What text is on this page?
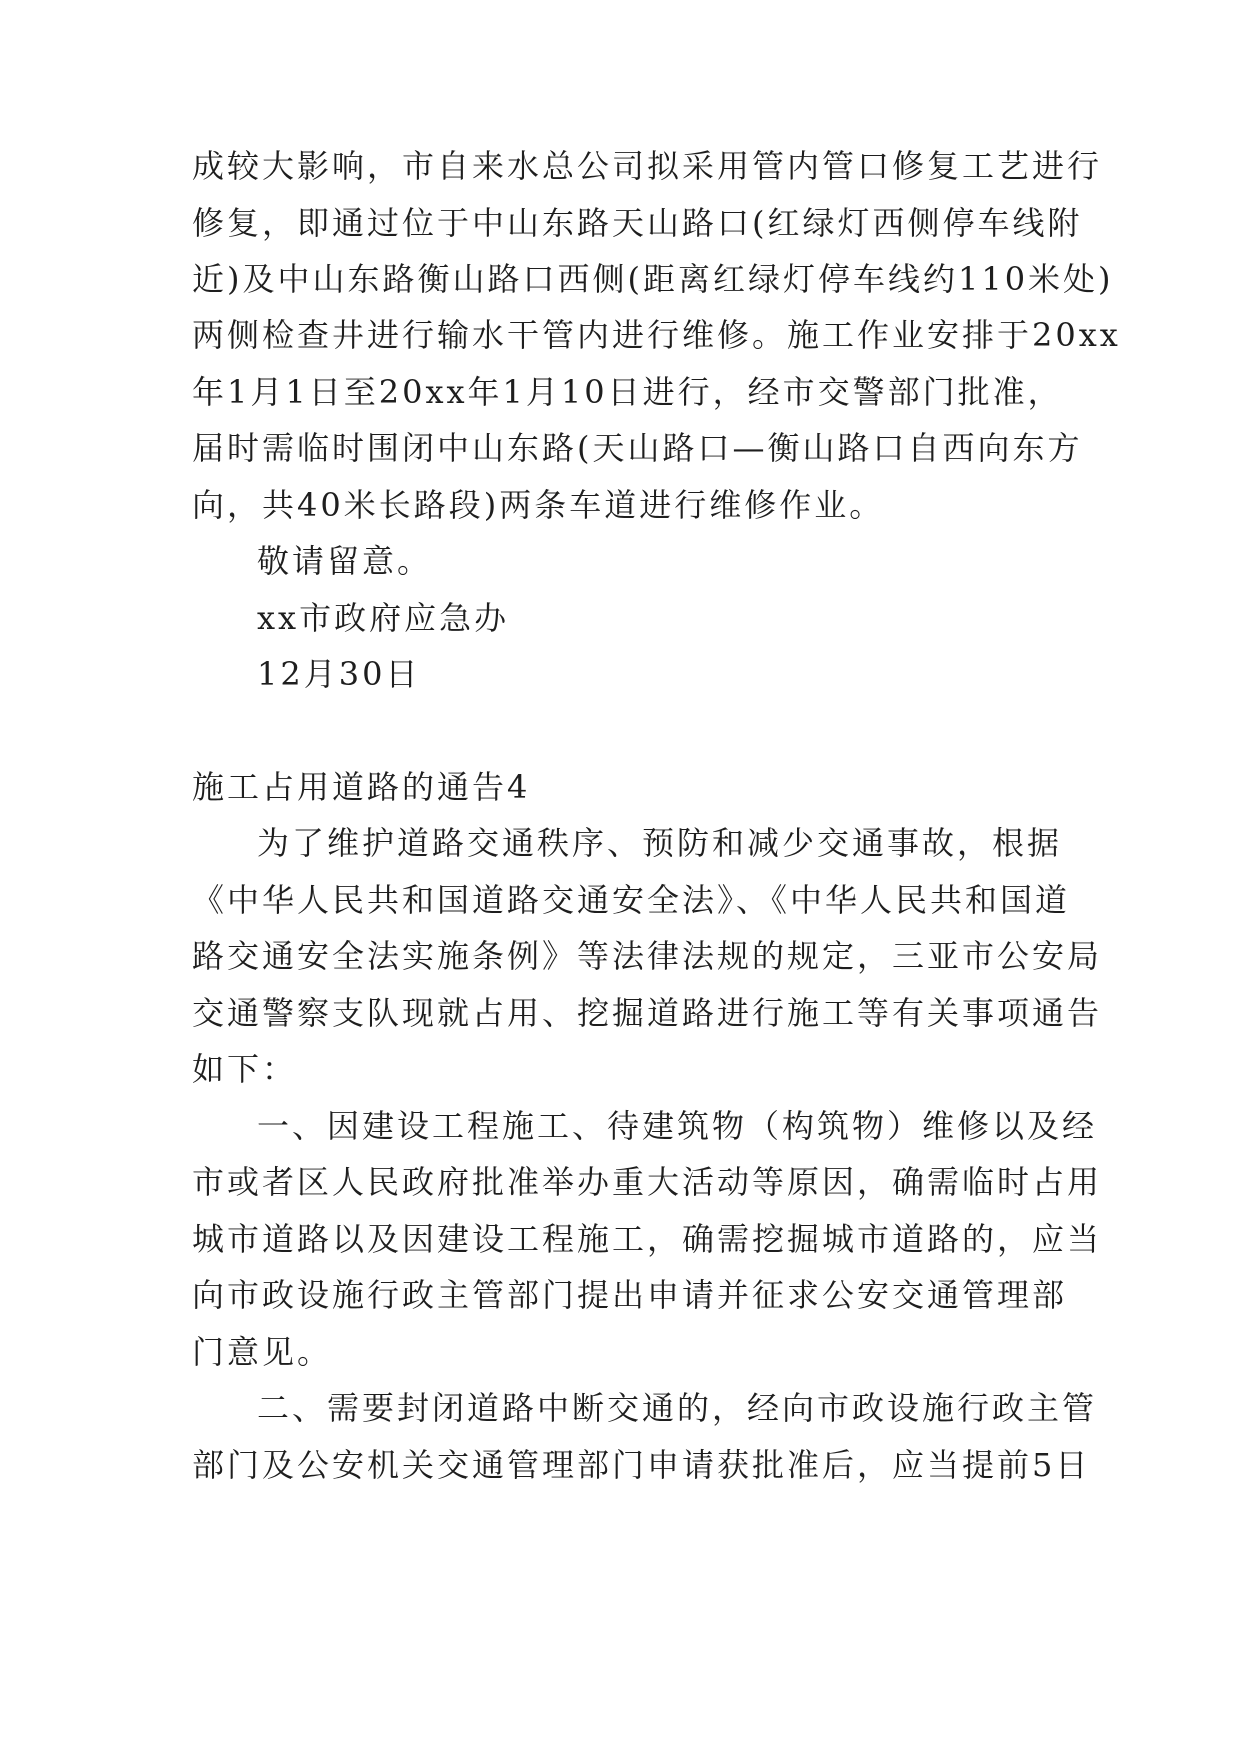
成较大影响，市自来水总公司拟采用管内管口修复工艺进行
修复，即通过位于中山东路天山路口(红绿灯西侧停车线附
近)及中山东路衡山路口西侧(距离红绿灯停车线约110米处)
两侧检查井进行输水干管内进行维修。施工作业安排于20xx
年1月1日至20xx年1月10日进行，经市交警部门批准，
届时需临时围闭中山东路(天山路口—衡山路口自西向东方
向，共40米长路段)两条车道进行维修作业。
敬请留意。
xx市政府应急办
12月30日
施工占用道路的通告4
为了维护道路交通秩序、预防和减少交通事故，根据
《中华人民共和国道路交通安全法》、《中华人民共和国道
路交通安全法实施条例》等法律法规的规定，三亚市公安局
交通警察支队现就占用、挖掘道路进行施工等有关事项通告
如下：
一、因建设工程施工、待建筑物（构筑物）维修以及经
市或者区人民政府批准举办重大活动等原因，确需临时占用
城市道路以及因建设工程施工，确需挖掘城市道路的，应当
向市政设施行政主管部门提出申请并征求公安交通管理部
门意见。
二、需要封闭道路中断交通的，经向市政设施行政主管
部门及公安机关交通管理部门申请获批准后，应当提前5日
